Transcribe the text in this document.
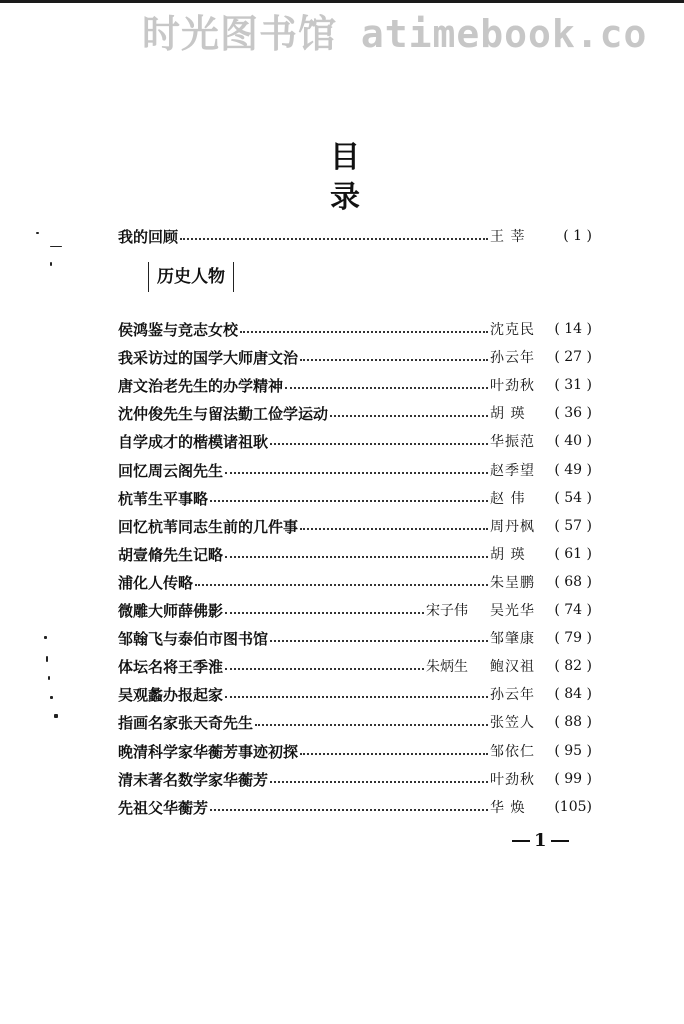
时光图书馆 atimebook.co
目 录
我的回顾	王 莘	( 1 )
历史人物
侯鸿鉴与竞志女校	沈克民	( 14 )
我采访过的国学大师唐文治	孙云年	( 27 )
唐文治老先生的办学精神	叶劲秋	( 31 )
沈仲俊先生与留法勤工俭学运动	胡 瑛	( 36 )
自学成才的楷模诸祖耿	华振范	( 40 )
回忆周云阁先生	赵季望	( 49 )
杭苇生平事略	赵 伟	( 54 )
回忆杭苇同志生前的几件事	周丹枫	( 57 )
胡壹脩先生记略	胡 瑛	( 61 )
浦化人传略	朱呈鹏	( 68 )
微雕大师薛佛影	宋子伟 吴光华	( 74 )
邹翰飞与泰伯市图书馆	邹肇康	( 79 )
体坛名将王季淮	朱炳生 鲍汉祖	( 82 )
吴观蠡办报起家	孙云年	( 84 )
指画名家张天奇先生	张笠人	( 88 )
晚清科学家华蘅芳事迹初探	邹依仁	( 95 )
清末著名数学家华蘅芳	叶劲秋	( 99 )
先祖父华蘅芳	华 焕	(105)
1
